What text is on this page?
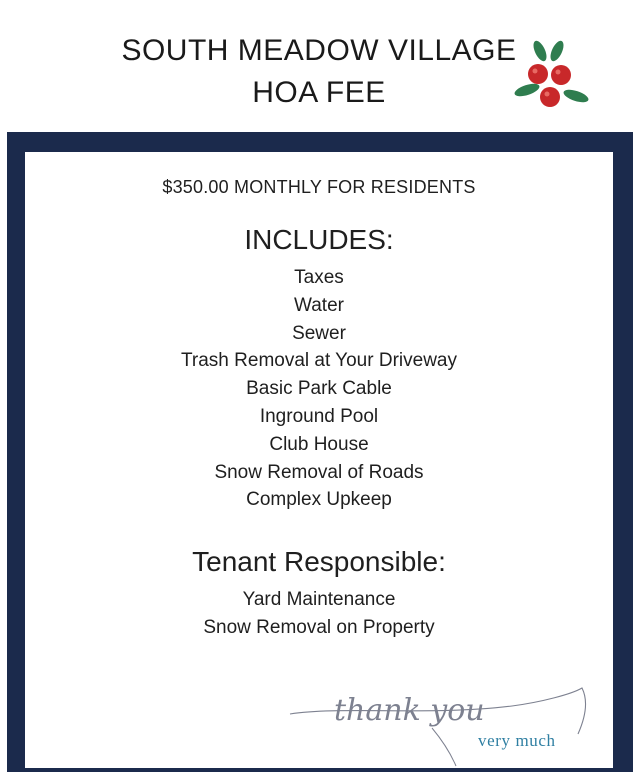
SOUTH MEADOW VILLAGE
HOA FEE
$350.00 MONTHLY FOR RESIDENTS
INCLUDES:
Taxes
Water
Sewer
Trash Removal at Your Driveway
Basic Park Cable
Inground Pool
Club House
Snow Removal of Roads
Complex Upkeep
Tenant Responsible:
Yard Maintenance
Snow Removal on Property
thank you
very much
